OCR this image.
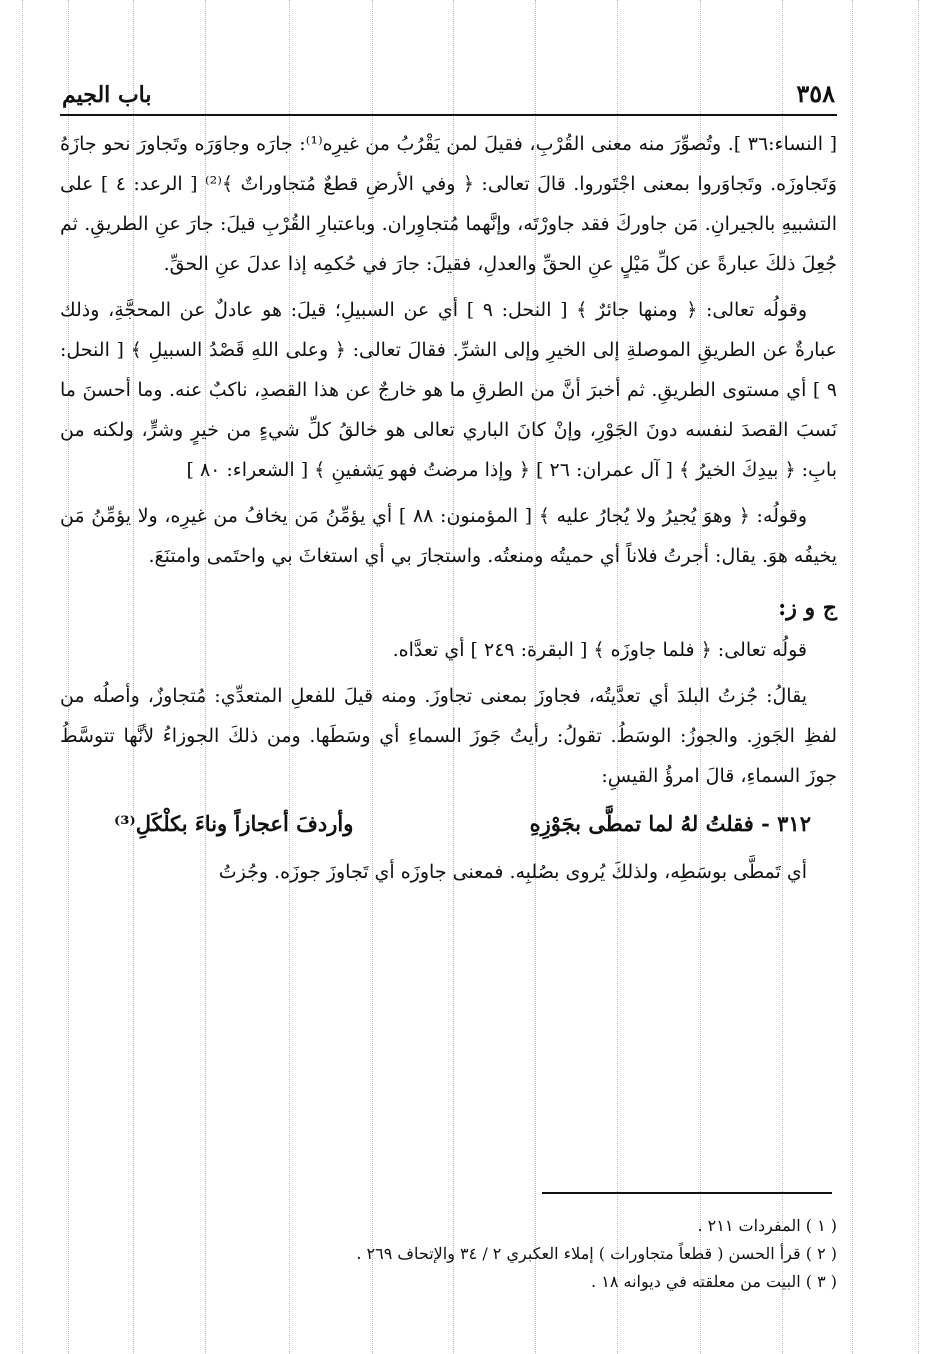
٣٥٨
باب الجيم

[ النساء:٣٦ ]. وتُصوِّرَ منه معنى القُرْبِ، فقيلَ لمن يَقْرُبُ من غيرِه⁽¹⁾: جارَه وجاوَرَه وتَجاورَ نحو جازَهُ وَتَجاوزَه. وتَجاوَروا بمعنى اجْتَوروا. قالَ تعالى: ﴿ وفي الأرضِ قطعٌ مُتجاوراتٌ ﴾⁽²⁾ [ الرعد: ٤ ] على التشبيهِ بالجيرانِ. مَن جاوركَ فقد جاورْتَه، وإنَّهما مُتجاوِران. وباعتبارِ القُرْبِ قيلَ: جارَ عنِ الطريقِ. ثم جُعِلَ ذلكَ عبارةً عن كلِّ مَيْلٍ عنِ الحقِّ والعدلِ، فقيلَ: جارَ في حُكمِه إذا عدلَ عنِ الحقِّ.

وقولُه تعالى: ﴿ ومنها جائرٌ ﴾ [ النحل: ٩ ] أي عن السبيلِ؛ قيلَ: هو عادلٌ عن المحجَّةِ، وذلك عبارةٌ عن الطريقِ الموصلةِ إلى الخيرِ وإلى الشرِّ. فقالَ تعالى: ﴿ وعلى اللهِ قَصْدُ السبيلِ ﴾ [ النحل: ٩ ] أي مستوى الطريقِ. ثم أخبرَ أنَّ من الطرقِ ما هو خارجٌ عن هذا القصدِ، ناكبٌ عنه. وما أحسنَ ما نَسبَ القصدَ لنفسه دونَ الجَوْرِ، وإنْ كانَ الباري تعالى هو خالقُ كلِّ شيءٍ من خيرٍ وشرٍّ، ولكنه من بابِ: ﴿ بيدِكَ الخيرُ ﴾ [ آل عمران: ٢٦ ] ﴿ وإذا مرضتُ فهو يَشفينِ ﴾ [ الشعراء: ٨٠ ]

وقولُه: ﴿ وهوَ يُجيرُ ولا يُجارُ عليه ﴾ [ المؤمنون: ٨٨ ] أي يؤمِّنُ مَن يخافُ من غيرِه، ولا يؤمِّنُ مَن يخيفُه هوَ. يقال: أجرتُ فلاناً أي حميتُه ومنعتُه. واستجارَ بي أي استغاثَ بي واحتَمى وامتنَعَ.

ج و ز:

قولُه تعالى: ﴿ فلما جاوزَه ﴾ [ البقرة: ٢٤٩ ] أي تعدَّاه.

يقالُ: جُزتُ البلدَ أي تعدَّيتُه، فجاوزَ بمعنى تجاوزَ. ومنه قيلَ للفعلِ المتعدِّي: مُتجاوزٌ، وأصلُه من لفظِ الجَوزِ. والجوزُ: الوسَطُ. تقولُ: رأيتُ جَوزَ السماءِ أي وسَطَها. ومن ذلكَ الجوزاءُ لأنَّها تتوسَّطُ جوزَ السماءِ، قالَ امرؤُ القيسِ:

٣١٢ - فقلتُ لهُ لما تمطَّى بجَوْزِهِ
وأردفَ أعجازاً وناءَ بكلْكَلِ⁽³⁾

أي تَمطَّى بوسَطِه، ولذلكَ يُروى بصُلبِه. فمعنى جاوزَه أي تَجاوزَ جوزَه. وجُزتُ

( ١ ) المفردات ٢١١ .
( ٢ ) قرأ الحسن ( قطعاً متجاورات ) إملاء العكبري ٢ / ٣٤ والإتحاف ٢٦٩ .
( ٣ ) البيت من معلقته في ديوانه ١٨ .
